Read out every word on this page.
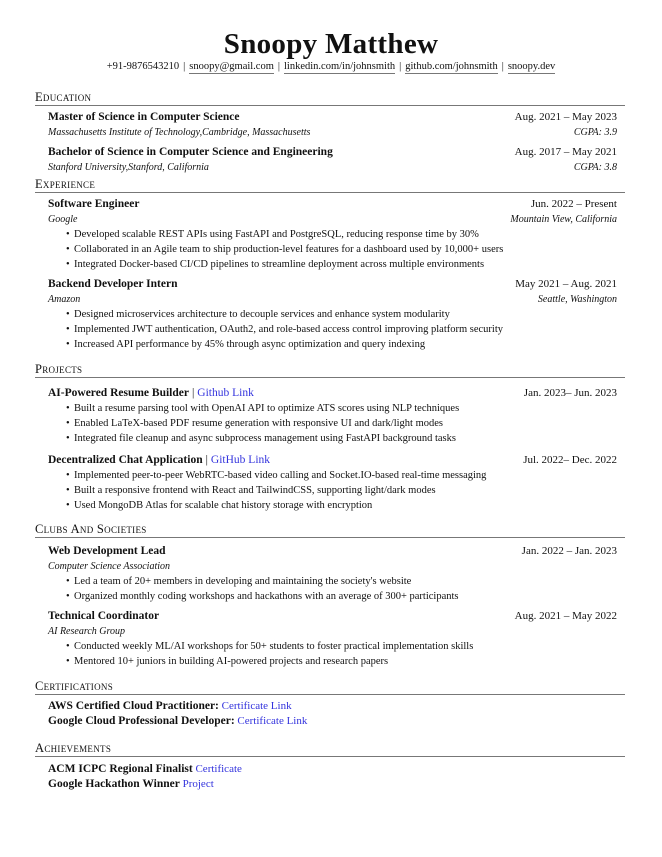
Snoopy Matthew
+91-9876543210 | snoopy@gmail.com | linkedin.com/in/johnsmith | github.com/johnsmith | snoopy.dev
Education
Master of Science in Computer Science	Aug. 2021 – May 2023
Massachusetts Institute of Technology,Cambridge, Massachusetts	CGPA: 3.9
Bachelor of Science in Computer Science and Engineering	Aug. 2017 – May 2021
Stanford University,Stanford, California	CGPA: 3.8
Experience
Software Engineer	Jun. 2022 – Present
Google	Mountain View, California
• Developed scalable REST APIs using FastAPI and PostgreSQL, reducing response time by 30%
• Collaborated in an Agile team to ship production-level features for a dashboard used by 10,000+ users
• Integrated Docker-based CI/CD pipelines to streamline deployment across multiple environments
Backend Developer Intern	May 2021 – Aug. 2021
Amazon	Seattle, Washington
• Designed microservices architecture to decouple services and enhance system modularity
• Implemented JWT authentication, OAuth2, and role-based access control improving platform security
• Increased API performance by 45% through async optimization and query indexing
Projects
AI-Powered Resume Builder | Github Link	Jan. 2023– Jun. 2023
• Built a resume parsing tool with OpenAI API to optimize ATS scores using NLP techniques
• Enabled LaTeX-based PDF resume generation with responsive UI and dark/light modes
• Integrated file cleanup and async subprocess management using FastAPI background tasks
Decentralized Chat Application | GitHub Link	Jul. 2022– Dec. 2022
• Implemented peer-to-peer WebRTC-based video calling and Socket.IO-based real-time messaging
• Built a responsive frontend with React and TailwindCSS, supporting light/dark modes
• Used MongoDB Atlas for scalable chat history storage with encryption
Clubs And Societies
Web Development Lead	Jan. 2022 – Jan. 2023
Computer Science Association
• Led a team of 20+ members in developing and maintaining the society's website
• Organized monthly coding workshops and hackathons with an average of 300+ participants
Technical Coordinator	Aug. 2021 – May 2022
AI Research Group
• Conducted weekly ML/AI workshops for 50+ students to foster practical implementation skills
• Mentored 10+ juniors in building AI-powered projects and research papers
Certifications
AWS Certified Cloud Practitioner: Certificate Link
Google Cloud Professional Developer: Certificate Link
Achievements
ACM ICPC Regional Finalist Certificate
Google Hackathon Winner Project
